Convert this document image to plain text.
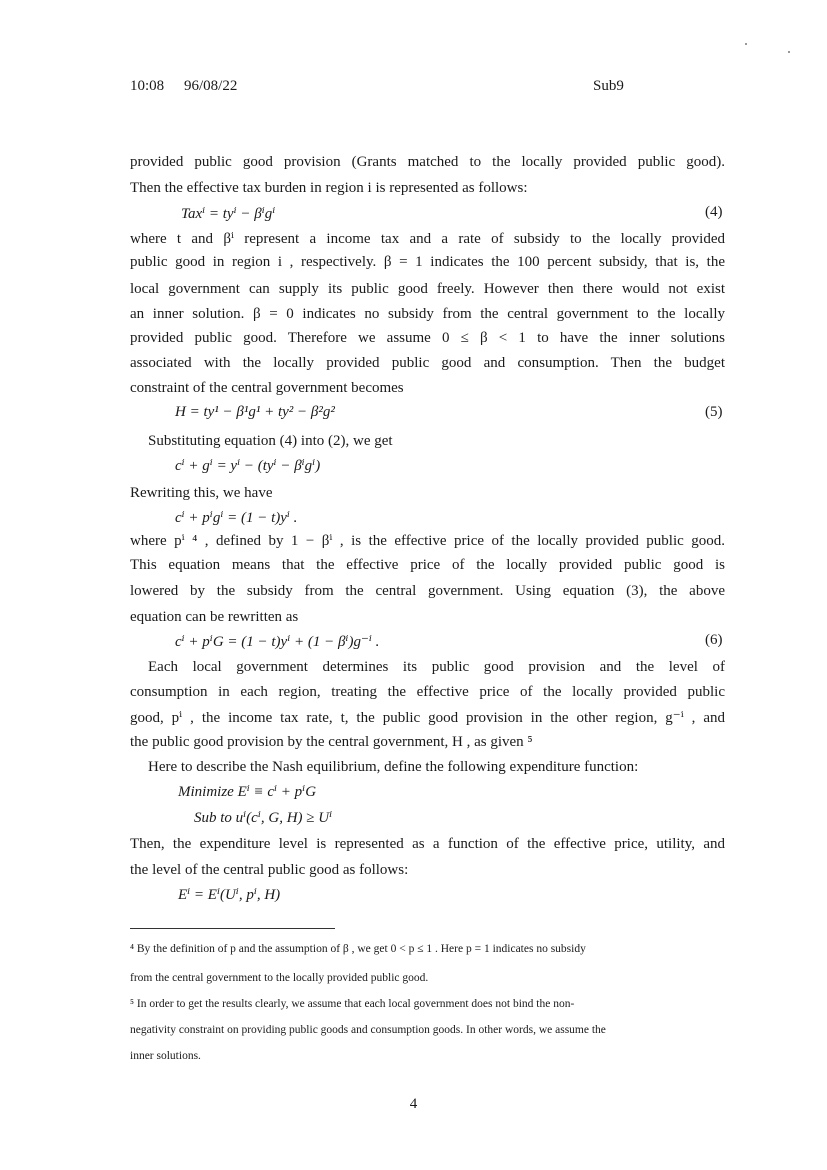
10:08 96/08/22	Sub9
provided public good provision (Grants matched to the locally provided public good).
Then the effective tax burden in region i is represented as follows:
Taxⁱ = tyⁱ − βⁱgⁱ	(4)
where t and βⁱ represent a income tax and a rate of subsidy to the locally provided
public good in region i , respectively. β = 1 indicates the 100 percent subsidy, that is, the
local government can supply its public good freely. However then there would not exist
an inner solution. β = 0 indicates no subsidy from the central government to the locally
provided public good. Therefore we assume 0 ≤ β < 1 to have the inner solutions
associated with the locally provided public good and consumption. Then the budget
constraint of the central government becomes
H = ty¹ − β¹g¹ + ty² − β²g²	(5)
Substituting equation (4) into (2), we get
cⁱ + gⁱ = yⁱ − (tyⁱ − βⁱgⁱ)
Rewriting this, we have
cⁱ + pⁱgⁱ = (1 − t)yⁱ .
where pⁱ ⁴ , defined by 1 − βⁱ , is the effective price of the locally provided public good.
This equation means that the effective price of the locally provided public good is
lowered by the subsidy from the central government. Using equation (3), the above
equation can be rewritten as
cⁱ + pⁱG = (1 − t)yⁱ + (1 − βⁱ)g⁻ⁱ .	(6)
Each local government determines its public good provision and the level of
consumption in each region, treating the effective price of the locally provided public
good, pⁱ , the income tax rate, t, the public good provision in the other region, g⁻ⁱ , and
the public good provision by the central government, H , as given ⁵
Here to describe the Nash equilibrium, define the following expenditure function:
Minimize Eⁱ ≡ cⁱ + pⁱG
Sub to uⁱ(cⁱ, G, H) ≥ Uⁱ
Then, the expenditure level is represented as a function of the effective price, utility, and
the level of the central public good as follows:
Eⁱ = Eⁱ(Uⁱ, pⁱ, H)
⁴ By the definition of p and the assumption of β , we get 0 < p ≤ 1 . Here p = 1 indicates no subsidy
from the central government to the locally provided public good.
⁵ In order to get the results clearly, we assume that each local government does not bind the non-
negativity constraint on providing public goods and consumption goods. In other words, we assume the
inner solutions.
4
